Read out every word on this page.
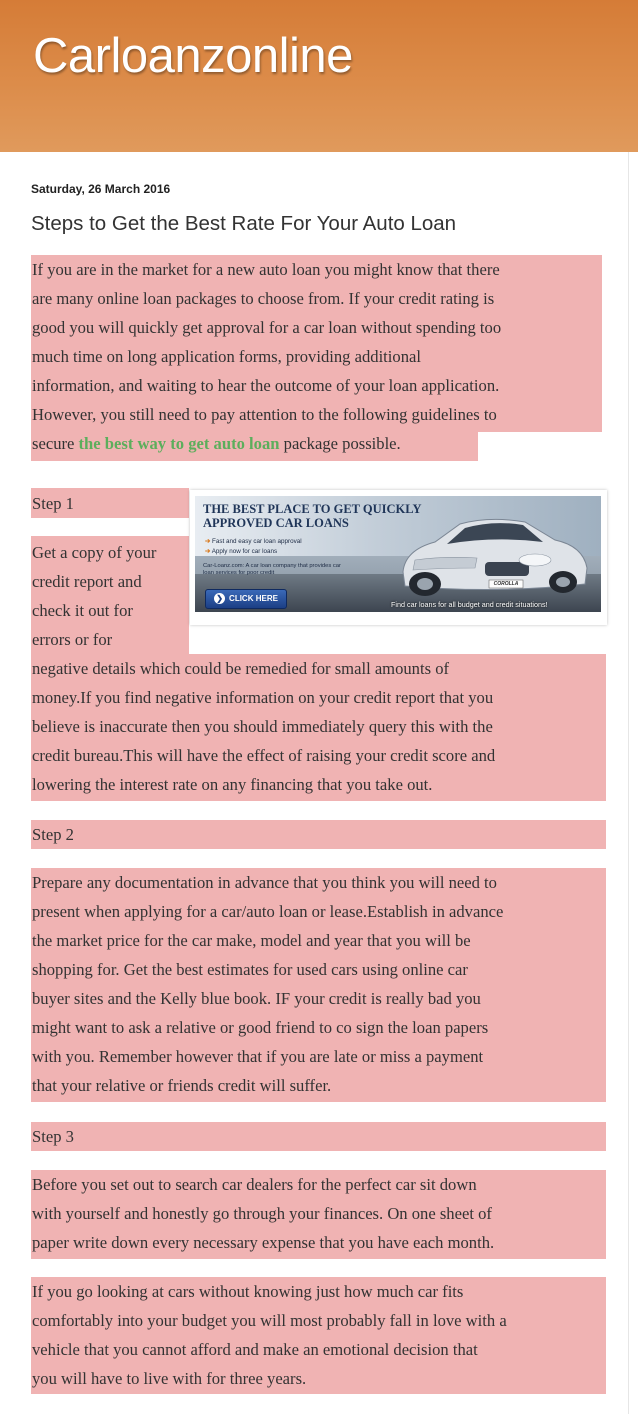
Carloanzonline
Saturday, 26 March 2016
Steps to Get the Best Rate For Your Auto Loan
If you are in the market for a new auto loan you might know that there
are many online loan packages to choose from. If your credit rating is
good you will quickly get approval for a car loan without spending too
much time on long application forms, providing additional
information, and waiting to hear the outcome of your loan application.
However, you still need to pay attention to the following guidelines to
secure the best way to get auto loan package possible.
Step 1
Get a copy of your
credit report and
check it out for
errors or for
negative details which could be remedied for small amounts of
money.If you find negative information on your credit report that you
believe is inaccurate then you should immediately query this with the
credit bureau.This will have the effect of raising your credit score and
lowering the interest rate on any financing that you take out.
THE BEST PLACE TO GET QUICKLY
APPROVED CAR LOANS
➔ Fast and easy car loan approval
➔ Apply now for car loans
Car-Loanz.com: A car loan company that provides car loan services for poor credit
❯ CLICK HERE
COROLLA
Find car loans for all budget and credit situations!
Step 2
Prepare any documentation in advance that you think you will need to
present when applying for a car/auto loan or lease.Establish in advance
the market price for the car make, model and year that you will be
shopping for. Get the best estimates for used cars using online car
buyer sites and the Kelly blue book. IF your credit is really bad you
might want to ask a relative or good friend to co sign the loan papers
with you. Remember however that if you are late or miss a payment
that your relative or friends credit will suffer.
Step 3
Before you set out to search car dealers for the perfect car sit down
with yourself and honestly go through your finances. On one sheet of
paper write down every necessary expense that you have each month.
If you go looking at cars without knowing just how much car fits
comfortably into your budget you will most probably fall in love with a
vehicle that you cannot afford and make an emotional decision that
you will have to live with for three years.
